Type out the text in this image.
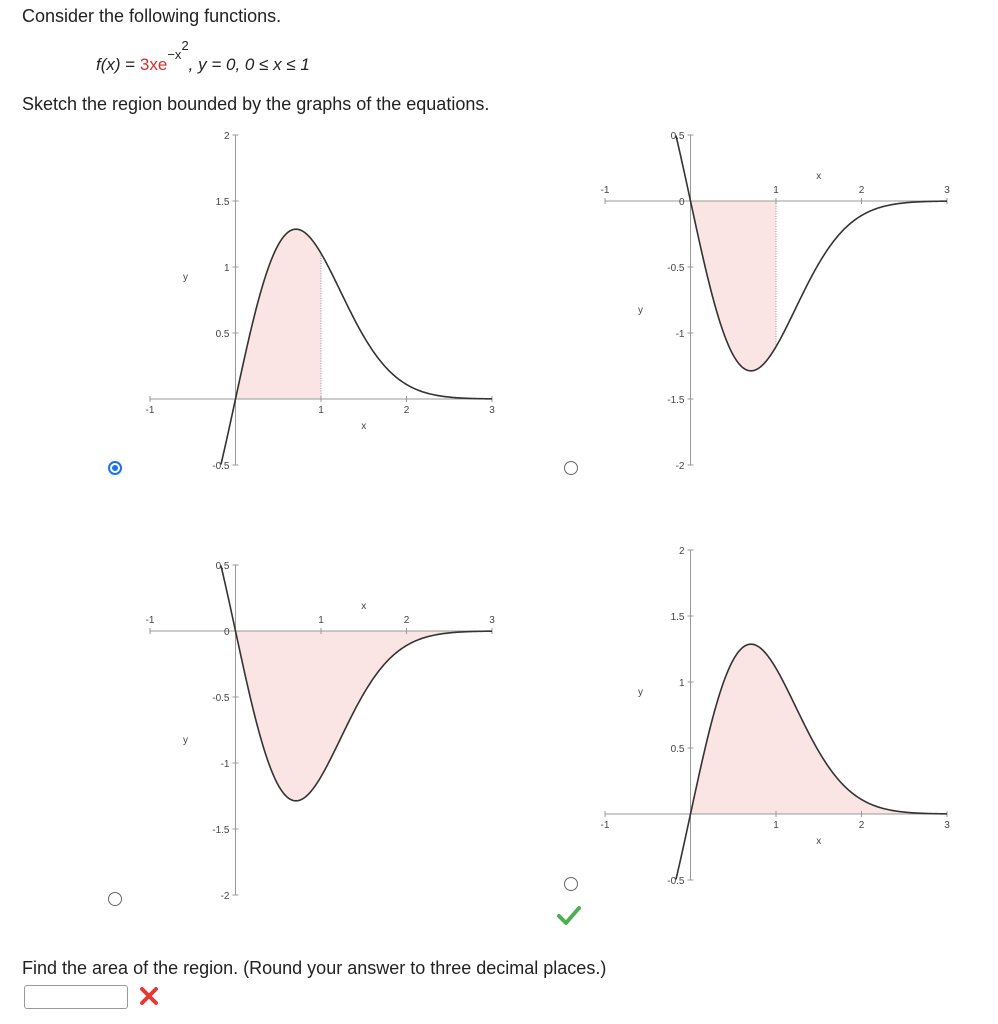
Consider the following functions.
$f(x) = 3xe^{-x^2}$, y = 0, 0 ≤ x ≤ 1
Sketch the region bounded by the graphs of the equations.
-1	1	2	3
-0.5
0.5
1
1.5
2
x
y
-1	1	2	3
0.5
0
-0.5
-1
-1.5
-2
x
y
-1	1	2	3
0.5
0
-0.5
-1
-1.5
-2
x
y
-1	1	2	3
-0.5
0.5
1
1.5
2
x
y
Find the area of the region. (Round your answer to three decimal places.)
